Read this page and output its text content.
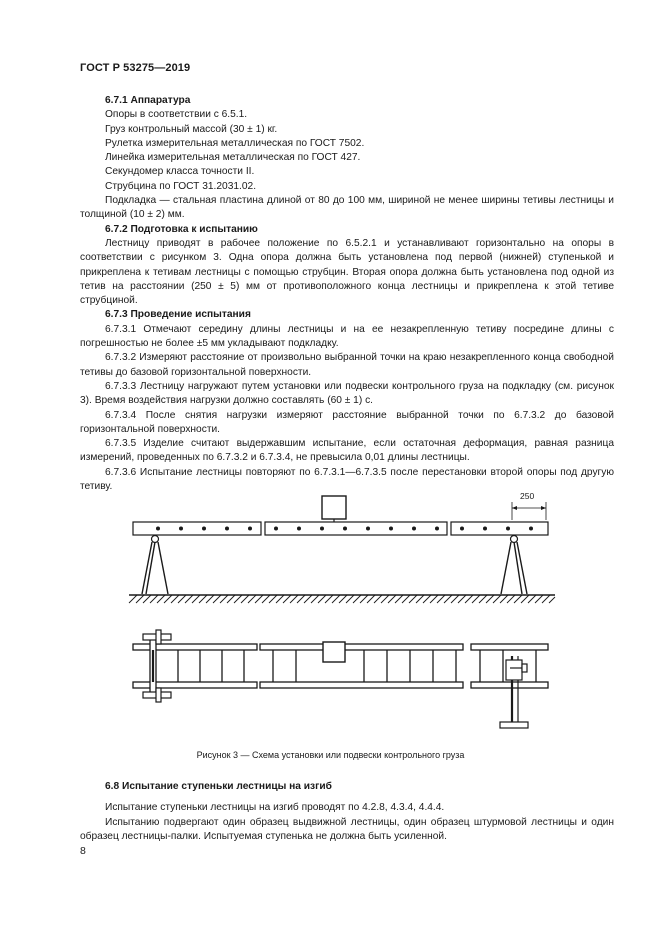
ГОСТ Р 53275—2019

6.7.1 Аппаратура

Опоры в соответствии с 6.5.1.

Груз контрольный массой (30 ± 1) кг.

Рулетка измерительная металлическая по ГОСТ 7502.

Линейка измерительная металлическая по ГОСТ 427.

Секундомер класса точности II.

Струбцина по ГОСТ 31.2031.02.

Подкладка — стальная пластина длиной от 80 до 100 мм, шириной не менее ширины тетивы лестницы и толщиной (10 ± 2) мм.

6.7.2 Подготовка к испытанию

Лестницу приводят в рабочее положение по 6.5.2.1 и устанавливают горизонтально на опоры в соответствии с рисунком 3. Одна опора должна быть установлена под первой (нижней) ступенькой и прикреплена к тетивам лестницы с помощью струбцин. Вторая опора должна быть установлена под одной из тетив на расстоянии (250 ± 5) мм от противоположного конца лестницы и прикреплена к этой тетиве струбциной.

6.7.3 Проведение испытания

6.7.3.1 Отмечают середину длины лестницы и на ее незакрепленную тетиву посредине длины с погрешностью не более ±5 мм укладывают подкладку.

6.7.3.2 Измеряют расстояние от произвольно выбранной точки на краю незакрепленного конца свободной тетивы до базовой горизонтальной поверхности.

6.7.3.3 Лестницу нагружают путем установки или подвески контрольного груза на подкладку (см. рисунок 3). Время воздействия нагрузки должно составлять (60 ± 1) с.

6.7.3.4 После снятия нагрузки измеряют расстояние выбранной точки по 6.7.3.2 до базовой горизонтальной поверхности.

6.7.3.5 Изделие считают выдержавшим испытание, если остаточная деформация, равная разница измерений, проведенных по 6.7.3.2 и 6.7.3.4, не превысила 0,01 длины лестницы.

6.7.3.6 Испытание лестницы повторяют по 6.7.3.1—6.7.3.5 после перестановки второй опоры под другую тетиву.

250
Рисунок 3 — Схема установки или подвески контрольного груза

6.8 Испытание ступеньки лестницы на изгиб

Испытание ступеньки лестницы на изгиб проводят по 4.2.8, 4.3.4, 4.4.4.

Испытанию подвергают один образец выдвижной лестницы, один образец штурмовой лестницы и один образец лестницы-палки. Испытуемая ступенька не должна быть усиленной.

8
